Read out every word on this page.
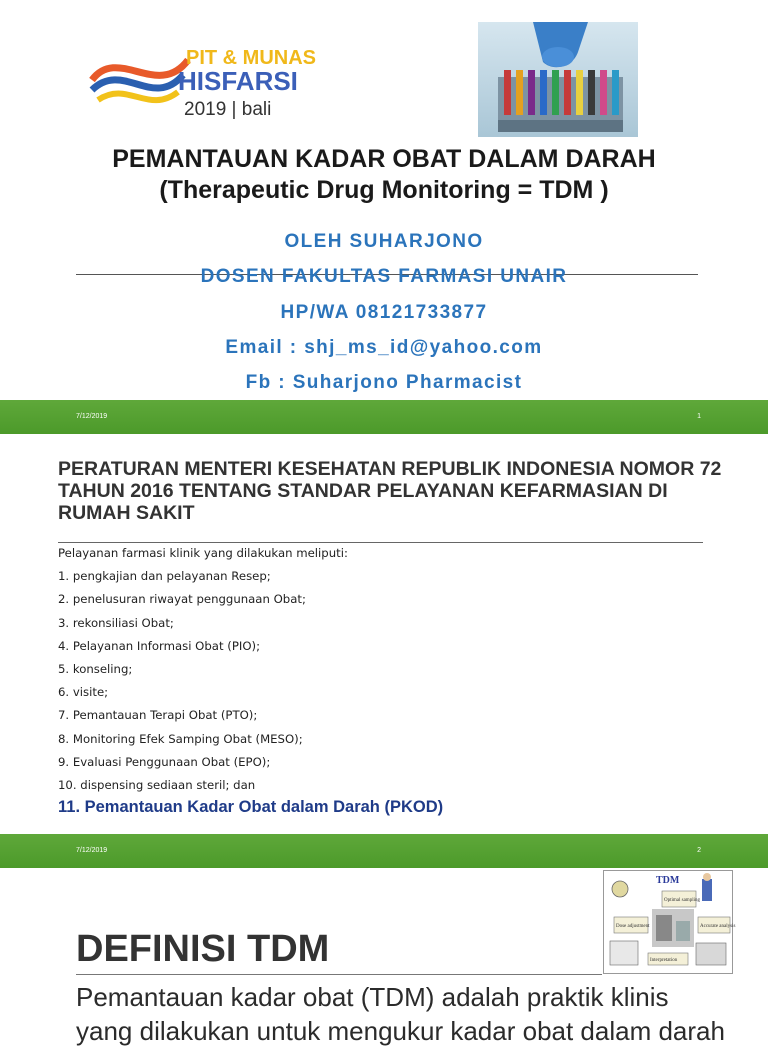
PIT & MUNAS
HISFARSI
2019 | bali
PEMANTAUAN KADAR OBAT DALAM DARAH
(Therapeutic Drug Monitoring = TDM )
OLEH SUHARJONO
DOSEN FAKULTAS FARMASI UNAIR
HP/WA 08121733877
Email : shj_ms_id@yahoo.com
Fb : Suharjono Pharmacist
7/12/2019	1
PERATURAN MENTERI KESEHATAN REPUBLIK INDONESIA NOMOR 72 TAHUN 2016 TENTANG STANDAR PELAYANAN KEFARMASIAN DI RUMAH SAKIT
Pelayanan farmasi klinik yang dilakukan meliputi:
1. pengkajian dan pelayanan Resep;
2. penelusuran riwayat penggunaan Obat;
3. rekonsiliasi Obat;
4. Pelayanan Informasi Obat (PIO);
5. konseling;
6. visite;
7. Pemantauan Terapi Obat (PTO);
8. Monitoring Efek Samping Obat (MESO);
9. Evaluasi Penggunaan Obat (EPO);
10. dispensing sediaan steril; dan
11. Pemantauan Kadar Obat dalam Darah (PKOD)
7/12/2019	2
TDM
Optimal sampling
Dose adjustment	Accurate analysis
Interpretation
DEFINISI TDM
Pemantauan kadar obat (TDM) adalah praktik klinis
yang dilakukan untuk mengukur kadar obat dalam darah
